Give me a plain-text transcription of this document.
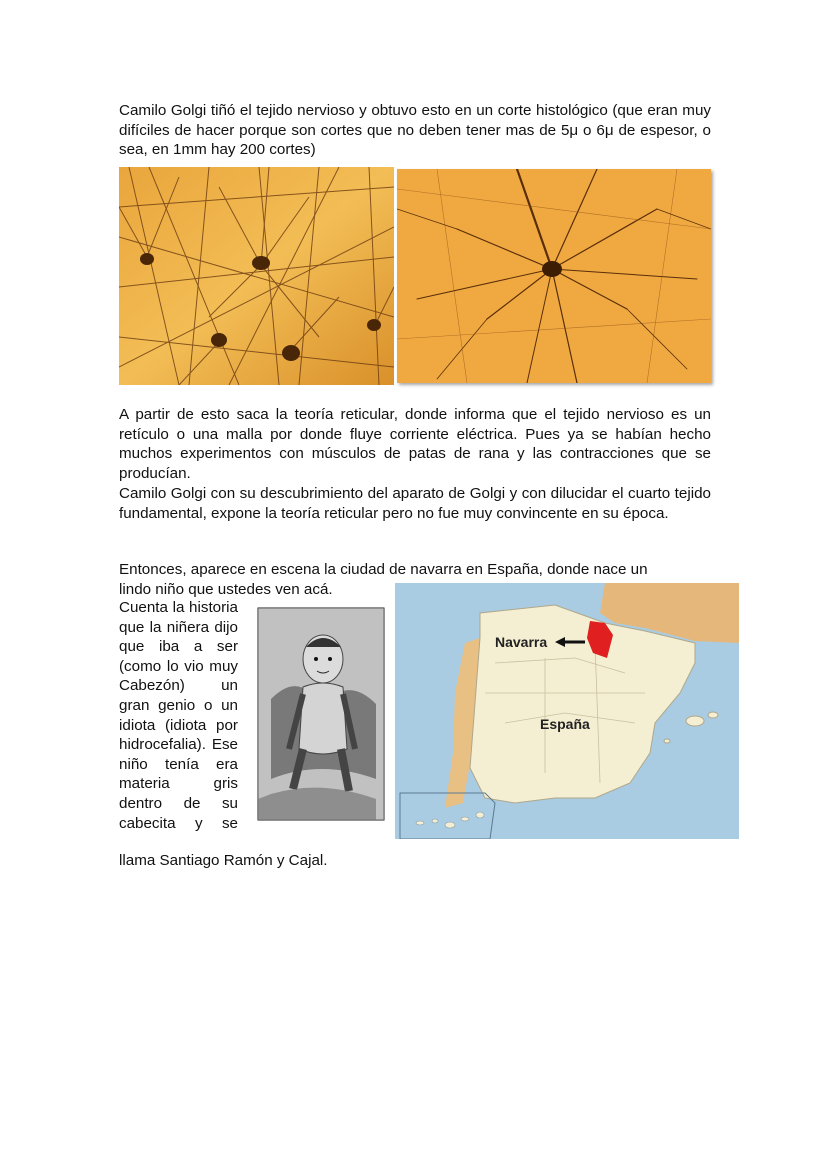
Camilo Golgi tiñó el tejido nervioso y obtuvo esto en un corte histológico (que eran muy difíciles de hacer porque son cortes que no deben tener mas de 5μ o 6μ de espesor, o sea, en 1mm hay 200 cortes)

A partir de esto saca la teoría reticular, donde informa que el tejido nervioso es un retículo o una malla por donde fluye corriente eléctrica. Pues ya se habían hecho muchos experimentos con músculos de patas de rana y las contracciones que se producían.

Camilo Golgi con su descubrimiento del aparato de Golgi y con dilucidar el cuarto tejido fundamental, expone la teoría reticular pero no fue muy convincente en su época.

Entonces, aparece en escena la ciudad de navarra en España, donde nace un

lindo niño que ustedes ven acá.

Cuenta la historia que la niñera dijo que iba a ser (como lo vio muy Cabezón) un gran genio o un idiota (idiota por hidrocefalia). Ese niño tenía era materia gris dentro de su cabecita y se

llama Santiago Ramón y Cajal.

Navarra
España
